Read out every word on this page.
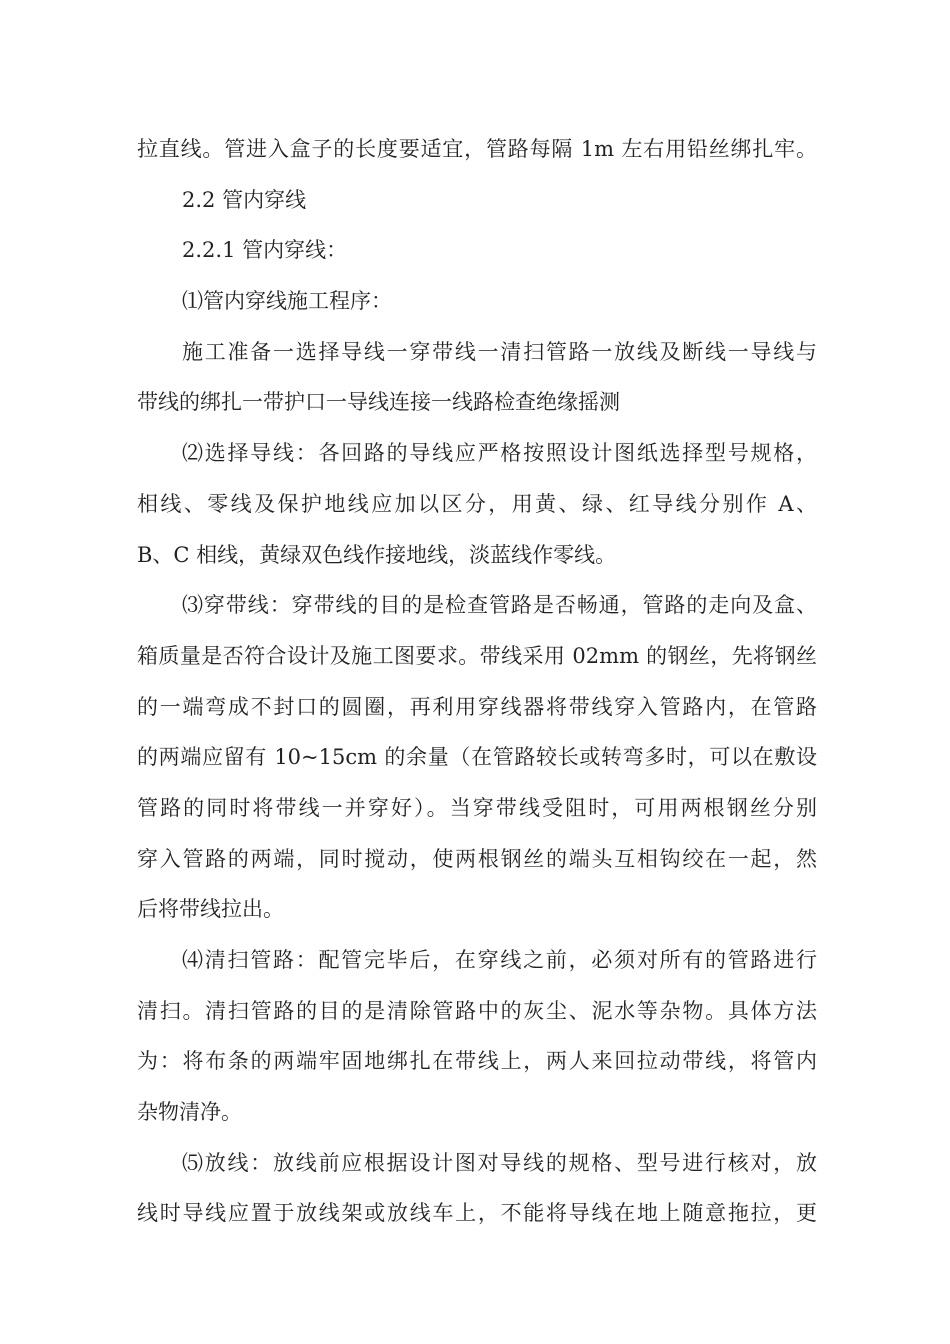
拉直线。管进入盒子的长度要适宜，管路每隔 1m 左右用铅丝绑扎牢。
2.2 管内穿线
2.2.1 管内穿线：
⑴管内穿线施工程序：
施工准备一选择导线一穿带线一清扫管路一放线及断线一导线与
带线的绑扎一带护口一导线连接一线路检查绝缘摇测
⑵选择导线：各回路的导线应严格按照设计图纸选择型号规格，
相线、零线及保护地线应加以区分，用黄、绿、红导线分别作 A、
B、C 相线，黄绿双色线作接地线，淡蓝线作零线。
⑶穿带线：穿带线的目的是检查管路是否畅通，管路的走向及盒、
箱质量是否符合设计及施工图要求。带线采用 02mm 的钢丝，先将钢丝
的一端弯成不封口的圆圈，再利用穿线器将带线穿入管路内，在管路
的两端应留有 10~15cm 的余量（在管路较长或转弯多时，可以在敷设
管路的同时将带线一并穿好）。当穿带线受阻时，可用两根钢丝分别
穿入管路的两端，同时搅动，使两根钢丝的端头互相钩绞在一起，然
后将带线拉出。
⑷清扫管路：配管完毕后，在穿线之前，必须对所有的管路进行
清扫。清扫管路的目的是清除管路中的灰尘、泥水等杂物。具体方法
为：将布条的两端牢固地绑扎在带线上，两人来回拉动带线，将管内
杂物清净。
⑸放线：放线前应根据设计图对导线的规格、型号进行核对，放
线时导线应置于放线架或放线车上，不能将导线在地上随意拖拉，更
